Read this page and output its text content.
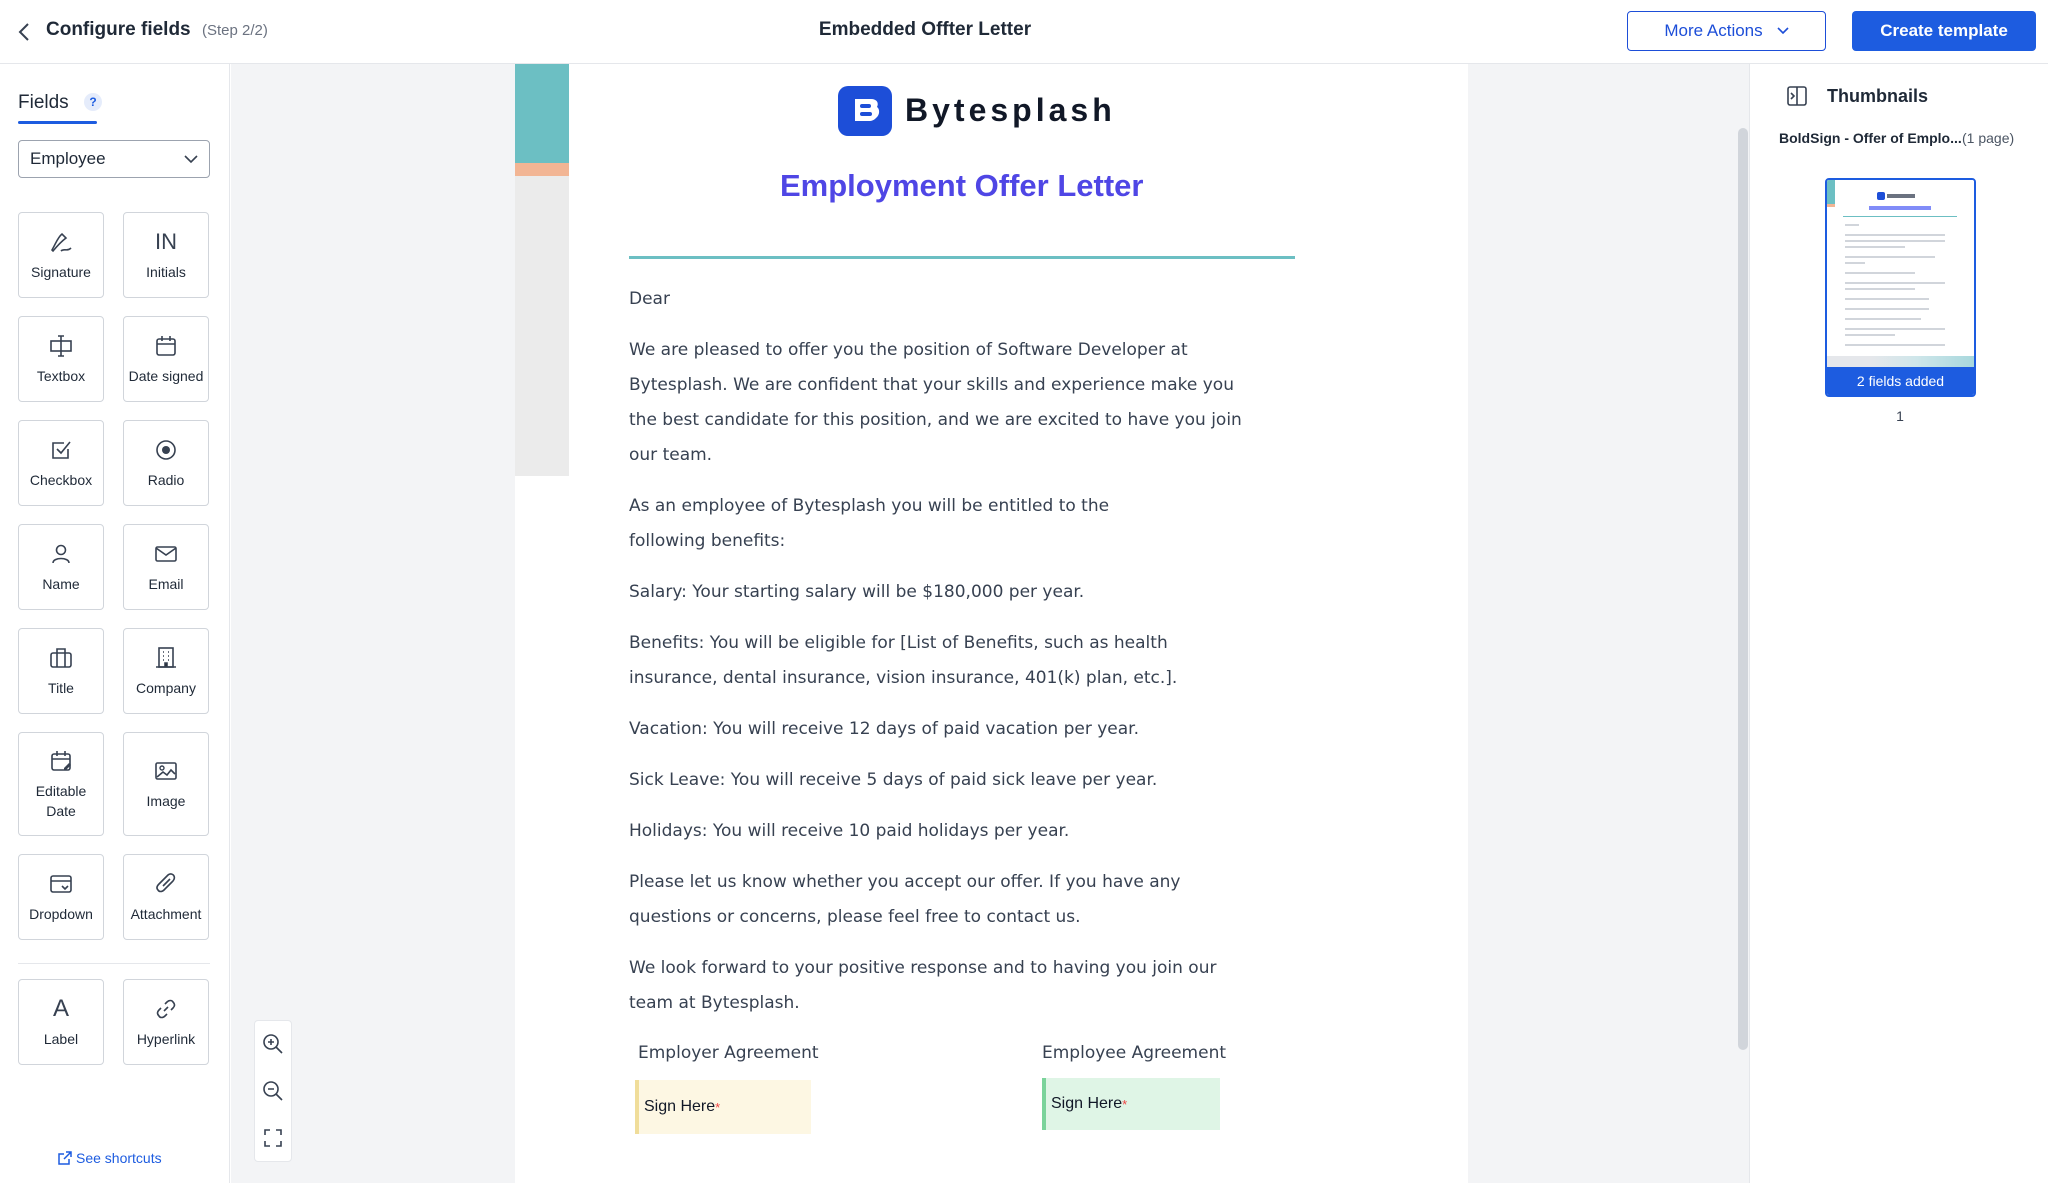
Configure fields (Step 2/2)	Embedded Offter Letter	More Actions	Create template
Fields	?
Employee
Signature
IN
Initials
Textbox	Date signed
Checkbox	Radio
Name	Email
Title	Company
Editable Date
Image
Dropdown	Attachment
A
Label	Hyperlink
See shortcuts
Bytesplash
Employment Offer Letter

Dear

We are pleased to offer you the position of Software Developer at Bytesplash. We are confident that your skills and experience make you the best candidate for this position, and we are excited to have you join our team.

As an employee of Bytesplash you will be entitled to the following benefits:

Salary: Your starting salary will be $180,000 per year.

Benefits: You will be eligible for [List of Benefits, such as health insurance, dental insurance, vision insurance, 401(k) plan, etc.].

Vacation: You will receive 12 days of paid vacation per year.

Sick Leave: You will receive 5 days of paid sick leave per year.

Holidays: You will receive 10 paid holidays per year.

Please let us know whether you accept our offer. If you have any questions or concerns, please feel free to contact us.

We look forward to your positive response and to having you join our team at Bytesplash.

Employer Agreement	Employee Agreement
Sign Here *	Sign Here *
Thumbnails
BoldSign - Offer of Emplo... (1 page)
2 fields added
1
